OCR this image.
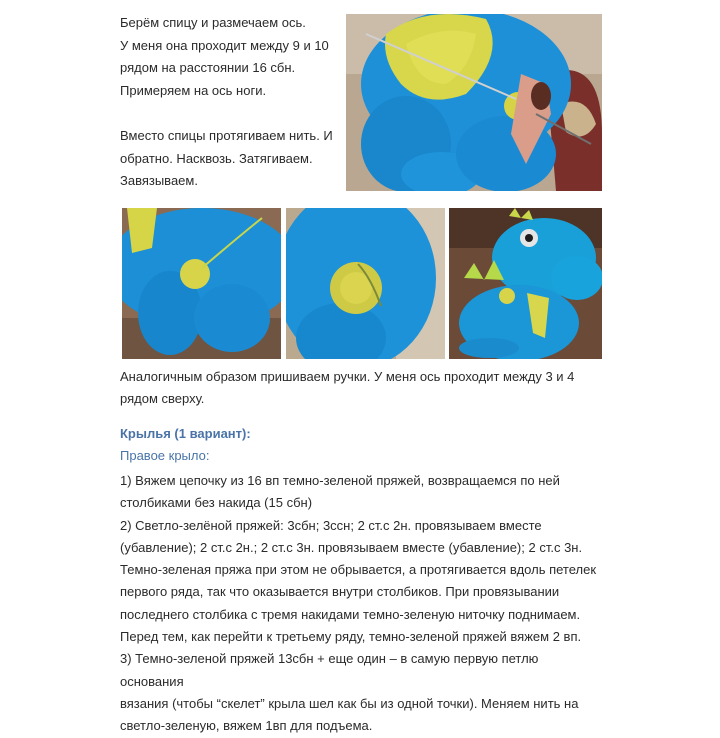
Берём спицу и размечаем ось.

У меня она проходит между 9 и 10

рядом на расстоянии 16 сбн.

Примеряем на ось ноги.

Вместо спицы протягиваем нить. И

обратно. Насквозь. Затягиваем.

Завязываем.

Аналогичным образом пришиваем ручки. У меня ось проходит между 3 и 4
рядом сверху.
Крылья (1 вариант):
Правое крыло:

1) Вяжем цепочку из 16 вп темно-зеленой пряжей, возвращаемся по ней

столбиками без накида (15 сбн)

2) Светло-зелёной пряжей: 3сбн; 3ссн; 2 ст.с 2н. провязываем вместе

(убавление); 2 ст.с 2н.; 2 ст.с 3н. провязываем вместе (убавление); 2 ст.с 3н.

Темно-зеленая пряжа при этом не обрывается, а протягивается вдоль петелек

первого ряда, так что оказывается внутри столбиков. При провязывании

последнего столбика с тремя накидами темно-зеленую ниточку поднимаем.

Перед тем, как перейти к третьему ряду, темно-зеленой пряжей вяжем 2 вп.

3) Темно-зеленой пряжей 13сбн + еще один – в самую первую петлю основания

вязания (чтобы “скелет” крыла шел как бы из одной точки). Меняем нить на

светло-зеленую, вяжем 1вп для подъема.
